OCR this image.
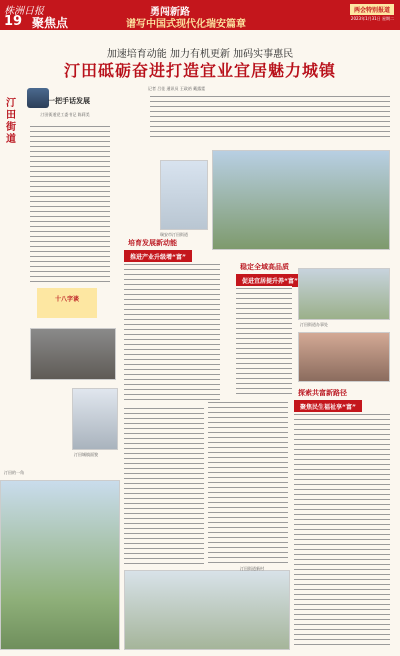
株洲日报
19 聚焦点
勇闯新路
谱写中国式现代化瑞安篇章
两会特别报道
2023年1月31日 星期二
加速培育动能 加力有机更新 加码实事惠民
汀田砥砺奋进打造宜业宜居魅力城镇
记者 吕佳 通讯员 王政裕 戴露霆
汀田街道
一把手话发展
汀田街道党工委书记 陈莉美
十八字谈
瑞安市汀田街道
培育发展新动能
推进产业升级增“富”
稳定全域高品质
促进宜居提升养“富”
汀田街道办事处
探索共富新路径
聚焦民生福祉享“富”
汀田城镇面貌
汀田街道新村
汀田的一角
